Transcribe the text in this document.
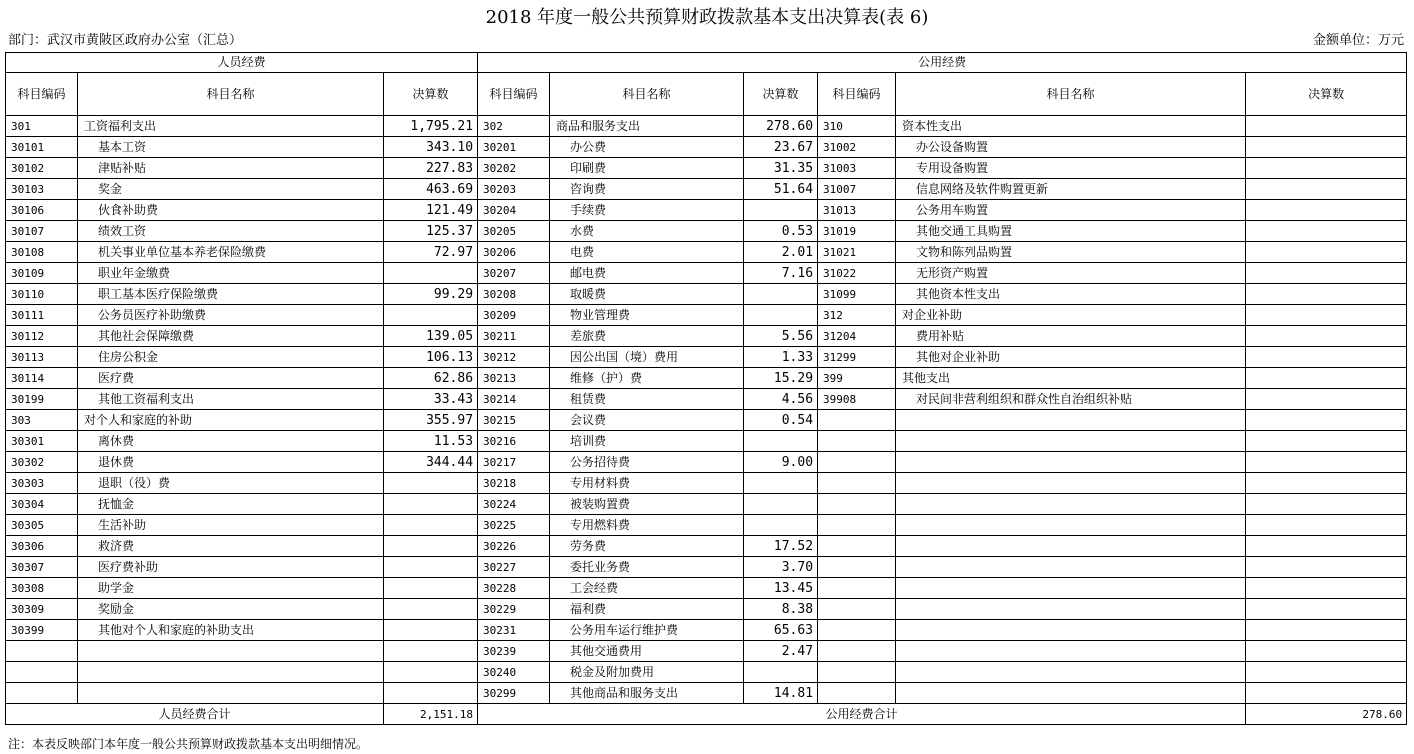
2018 年度一般公共预算财政拨款基本支出决算表(表 6)
部门：武汉市黄陂区政府办公室（汇总）	金额单位：万元
人员经费			公用经费					
科目编码	科目名称	决算数	科目编码	科目名称	决算数	科目编码	科目名称	决算数
301	工资福利支出	1,795.21	302	商品和服务支出	278.60	310	资本性支出	
30101	基本工资	343.10	30201	办公费	23.67	31002	办公设备购置	
30102	津贴补贴	227.83	30202	印刷费	31.35	31003	专用设备购置	
30103	奖金	463.69	30203	咨询费	51.64	31007	信息网络及软件购置更新	
30106	伙食补助费	121.49	30204	手续费		31013	公务用车购置	
30107	绩效工资	125.37	30205	水费	0.53	31019	其他交通工具购置	
30108	机关事业单位基本养老保险缴费	72.97	30206	电费	2.01	31021	文物和陈列品购置	
30109	职业年金缴费		30207	邮电费	7.16	31022	无形资产购置	
30110	职工基本医疗保险缴费	99.29	30208	取暖费		31099	其他资本性支出	
30111	公务员医疗补助缴费		30209	物业管理费		312	对企业补助	
30112	其他社会保障缴费	139.05	30211	差旅费	5.56	31204	费用补贴	
30113	住房公积金	106.13	30212	因公出国（境）费用	1.33	31299	其他对企业补助	
30114	医疗费	62.86	30213	维修（护）费	15.29	399	其他支出	
30199	其他工资福利支出	33.43	30214	租赁费	4.56	39908	对民间非营利组织和群众性自治组织补贴	
303	对个人和家庭的补助	355.97	30215	会议费	0.54			
30301	离休费	11.53	30216	培训费				
30302	退休费	344.44	30217	公务招待费	9.00			
30303	退职（役）费		30218	专用材料费				
30304	抚恤金		30224	被装购置费				
30305	生活补助		30225	专用燃料费				
30306	救济费		30226	劳务费	17.52			
30307	医疗费补助		30227	委托业务费	3.70			
30308	助学金		30228	工会经费	13.45			
30309	奖励金		30229	福利费	8.38			
30399	其他对个人和家庭的补助支出		30231	公务用车运行维护费	65.63			
			30239	其他交通费用	2.47			
			30240	税金及附加费用				
			30299	其他商品和服务支出	14.81			
人员经费合计		2,151.18	公用经费合计					278.60
注：本表反映部门本年度一般公共预算财政拨款基本支出明细情况。
